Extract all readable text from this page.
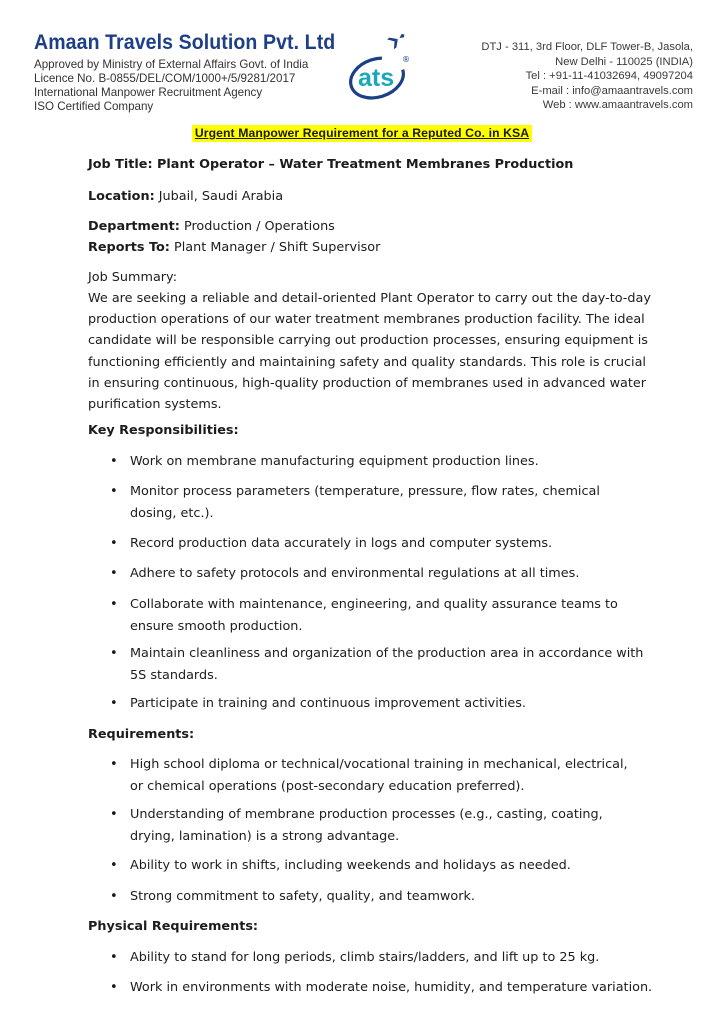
Amaan Travels Solution Pvt. Ltd
Approved by Ministry of External Affairs Govt. of India
Licence No. B-0855/DEL/COM/1000+/5/9281/2017
International Manpower Recruitment Agency
ISO Certified Company
ats
®
DTJ - 311, 3rd Floor, DLF Tower-B, Jasola,
New Delhi - 110025 (INDIA)
Tel : +91-11-41032694, 49097204
E-mail : info@amaantravels.com
Web : www.amaantravels.com
Urgent Manpower Requirement for a Reputed Co. in KSA
Job Title: Plant Operator – Water Treatment Membranes Production
Location: Jubail, Saudi Arabia
Department: Production / Operations
Reports To: Plant Manager / Shift Supervisor
Job Summary:
We are seeking a reliable and detail-oriented Plant Operator to carry out the day-to-day
production operations of our water treatment membranes production facility. The ideal
candidate will be responsible carrying out production processes, ensuring equipment is
functioning efficiently and maintaining safety and quality standards. This role is crucial
in ensuring continuous, high-quality production of membranes used in advanced water
purification systems.
Key Responsibilities:
• Work on membrane manufacturing equipment production lines.
• Monitor process parameters (temperature, pressure, flow rates, chemical
dosing, etc.).
• Record production data accurately in logs and computer systems.
• Adhere to safety protocols and environmental regulations at all times.
• Collaborate with maintenance, engineering, and quality assurance teams to
ensure smooth production.
• Maintain cleanliness and organization of the production area in accordance with
5S standards.
• Participate in training and continuous improvement activities.
Requirements:
• High school diploma or technical/vocational training in mechanical, electrical,
or chemical operations (post-secondary education preferred).
• Understanding of membrane production processes (e.g., casting, coating,
drying, lamination) is a strong advantage.
• Ability to work in shifts, including weekends and holidays as needed.
• Strong commitment to safety, quality, and teamwork.
Physical Requirements:
• Ability to stand for long periods, climb stairs/ladders, and lift up to 25 kg.
• Work in environments with moderate noise, humidity, and temperature variation.
